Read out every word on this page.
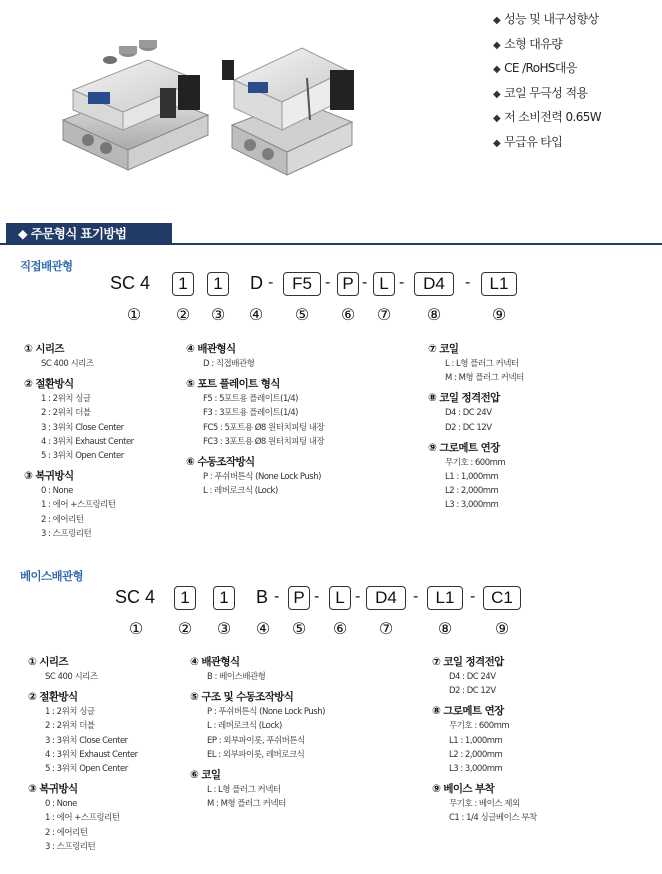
◆ 성능 및 내구성향상
◆ 소형 대유량
◆ CE /RoHS대응
◆ 코일 무극성 적용
◆ 저 소비전력 0.65W
◆ 무급유 타입
◆ 주문형식 표기방법
직접배관형
SC 4	1	1	D -	F5 - P - L -	D4	-	L1
① ② ③ ④ ⑤ ⑥ ⑦ ⑧	⑨
① 시리즈
SC 400 시리즈
② 절환방식
1 : 2위치 싱글
2 : 2위치 더블
3 : 3위치 Close Center
4 : 3위치 Exhaust Center
5 : 3위치 Open Center
③ 복귀방식
0 : None
1 : 에어 +스프링리턴
2 : 에어리턴
3 : 스프링리턴
④ 배관형식
D : 직접배관형
⑤ 포트 플레이트 형식
F5 : 5포트용 플레이트(1/4)
F3 : 3포트용 플레이트(1/4)
FC5 : 5포트용 Ø8 원터치피팅 내장
FC3 : 3포트용 Ø8 원터치피팅 내장
⑥ 수동조작방식
P : 푸쉬버튼식 (None Lock Push)
L : 레버로크식 (Lock)
⑦ 코일
L : L형 플러그 커넥터
M : M형 플러그 커넥터
⑧ 코일 정격전압
D4 : DC 24V
D2 : DC 12V
⑨ 그로메트 연장
무기호 : 600mm
L1 : 1,000mm
L2 : 2,000mm
L3 : 3,000mm
베이스배관형
SC 4	1	1	B - P - L - D4	-	L1 - C1
① ② ③ ④ ⑤ ⑥ ⑦	⑧	⑨
① 시리즈
SC 400 시리즈
② 절환방식
1 : 2위치 싱글
2 : 2위치 더블
3 : 3위치 Close Center
4 : 3위치 Exhaust Center
5 : 3위치 Open Center
③ 복귀방식
0 : None
1 : 에어 +스프링리턴
2 : 에어리턴
3 : 스프링리턴
④ 배관형식
B : 베이스배관형
⑤ 구조 및 수동조작방식
P : 푸쉬버튼식 (None Lock Push)
L : 레버로크식 (Lock)
EP : 외부파이롯, 푸쉬버튼식
EL : 외부파이롯, 레버로크식
⑥ 코일
L : L형 플러그 커넥터
M : M형 플러그 커넥터
⑦ 코일 정격전압
D4 : DC 24V
D2 : DC 12V
⑧ 그로메트 연장
무기호 : 600mm
L1 : 1,000mm
L2 : 2,000mm
L3 : 3,000mm
⑨ 베이스 부착
무기호 : 베이스 제외
C1 : 1/4 싱글베이스 부착
